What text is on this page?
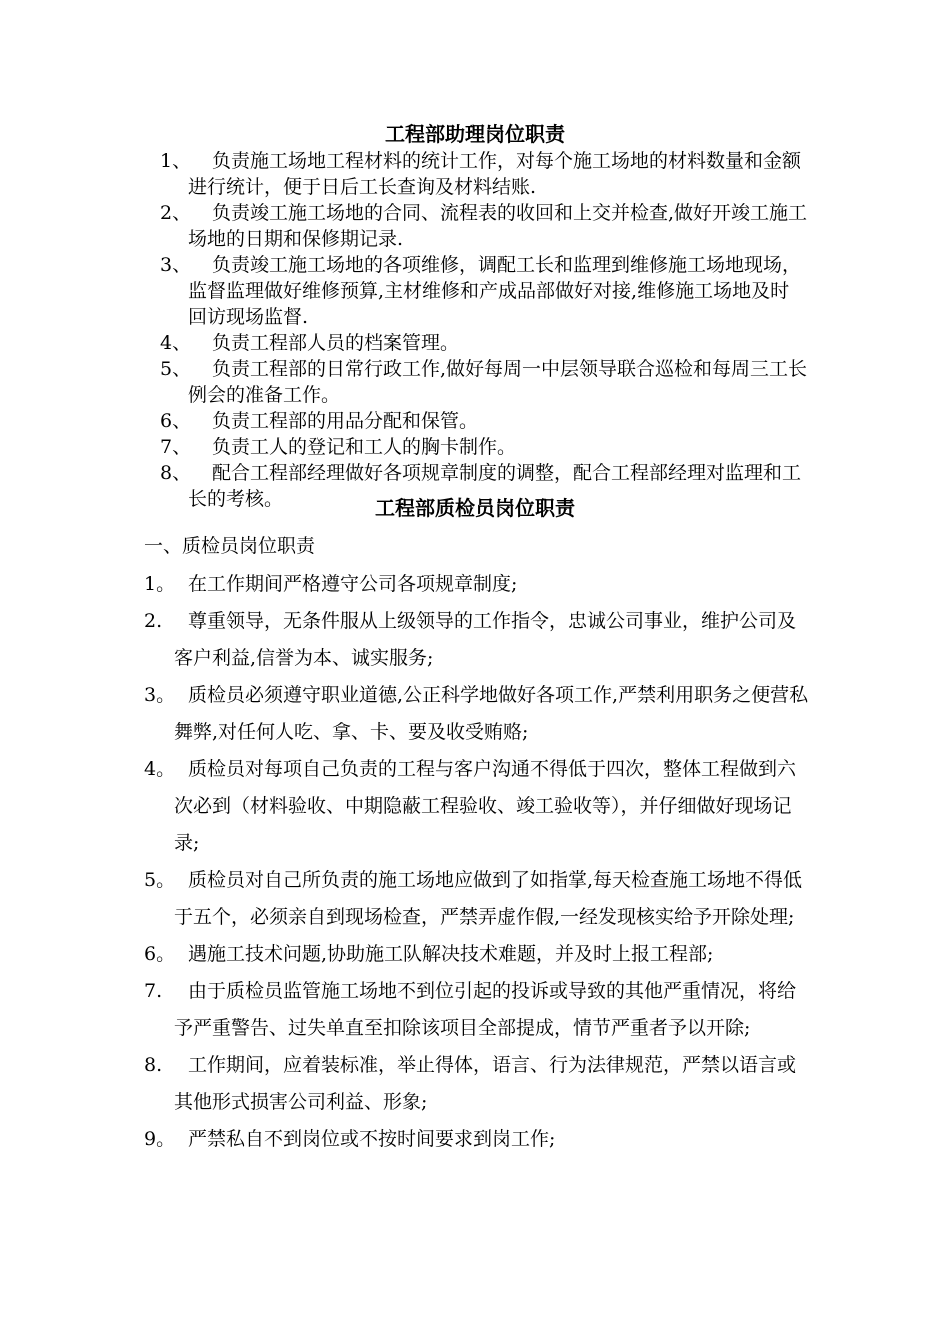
工程部助理岗位职责
1、	负责施工场地工程材料的统计工作，对每个施工场地的材料数量和金额进行统计，便于日后工长查询及材料结账.
2、	负责竣工施工场地的合同、流程表的收回和上交并检查,做好开竣工施工场地的日期和保修期记录.
3、	负责竣工施工场地的各项维修，调配工长和监理到维修施工场地现场，监督监理做好维修预算,主材维修和产成品部做好对接,维修施工场地及时回访现场监督.
4、	负责工程部人员的档案管理。
5、	负责工程部的日常行政工作,做好每周一中层领导联合巡检和每周三工长例会的准备工作。
6、	负责工程部的用品分配和保管。
7、	负责工人的登记和工人的胸卡制作。
8、	配合工程部经理做好各项规章制度的调整，配合工程部经理对监理和工长的考核。	工程部质检员岗位职责
一、质检员岗位职责
1。 在工作期间严格遵守公司各项规章制度;
2.	尊重领导，无条件服从上级领导的工作指令，忠诚公司事业，维护公司及客户利益,信誉为本、诚实服务;
3。 质检员必须遵守职业道德,公正科学地做好各项工作,严禁利用职务之便营私舞弊,对任何人吃、拿、卡、要及收受贿赂;
4。 质检员对每项自己负责的工程与客户沟通不得低于四次，整体工程做到六次必到（材料验收、中期隐蔽工程验收、竣工验收等），并仔细做好现场记录;
5。 质检员对自己所负责的施工场地应做到了如指掌,每天检查施工场地不得低于五个，必须亲自到现场检查，严禁弄虚作假,一经发现核实给予开除处理;
6。 遇施工技术问题,协助施工队解决技术难题，并及时上报工程部;
7.	由于质检员监管施工场地不到位引起的投诉或导致的其他严重情况，将给予严重警告、过失单直至扣除该项目全部提成，情节严重者予以开除;
8.	工作期间，应着装标准，举止得体，语言、行为法律规范，严禁以语言或其他形式损害公司利益、形象;
9。 严禁私自不到岗位或不按时间要求到岗工作;
